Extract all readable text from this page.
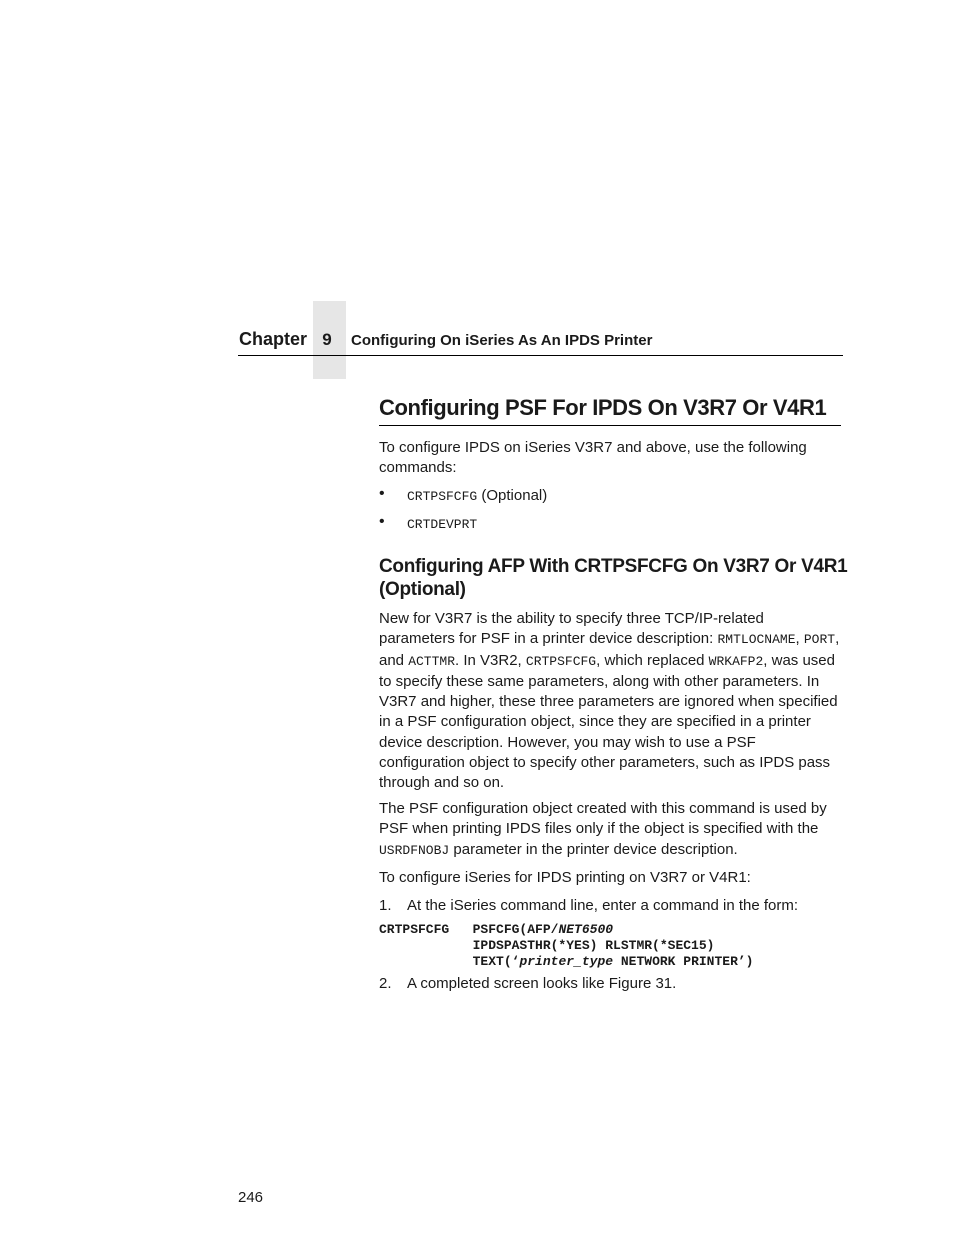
Chapter 9	Configuring On iSeries As An IPDS Printer
Configuring PSF For IPDS On V3R7 Or V4R1

To configure IPDS on iSeries V3R7 and above, use the following commands:

• CRTPSFCFG (Optional)
• CRTDEVPRT
Configuring AFP With CRTPSFCFG On V3R7 Or V4R1 (Optional)

New for V3R7 is the ability to specify three TCP/IP-related parameters for PSF in a printer device description: RMTLOCNAME, PORT, and ACTTMR. In V3R2, CRTPSFCFG, which replaced WRKAFP2, was used to specify these same parameters, along with other parameters. In V3R7 and higher, these three parameters are ignored when specified in a PSF configuration object, since they are specified in a printer device description. However, you may wish to use a PSF configuration object to specify other parameters, such as IPDS pass through and so on.

The PSF configuration object created with this command is used by PSF when printing IPDS files only if the object is specified with the USRDFNOBJ parameter in the printer device description.

To configure iSeries for IPDS printing on V3R7 or V4R1:

1. At the iSeries command line, enter a command in the form:
CRTPSFCFG   PSFCFG(AFP/NET6500
IPDSPASTHR(*YES) RLSTMR(*SEC15)
TEXT(‘printer_type NETWORK PRINTER’)
2. A completed screen looks like Figure 31.
246
